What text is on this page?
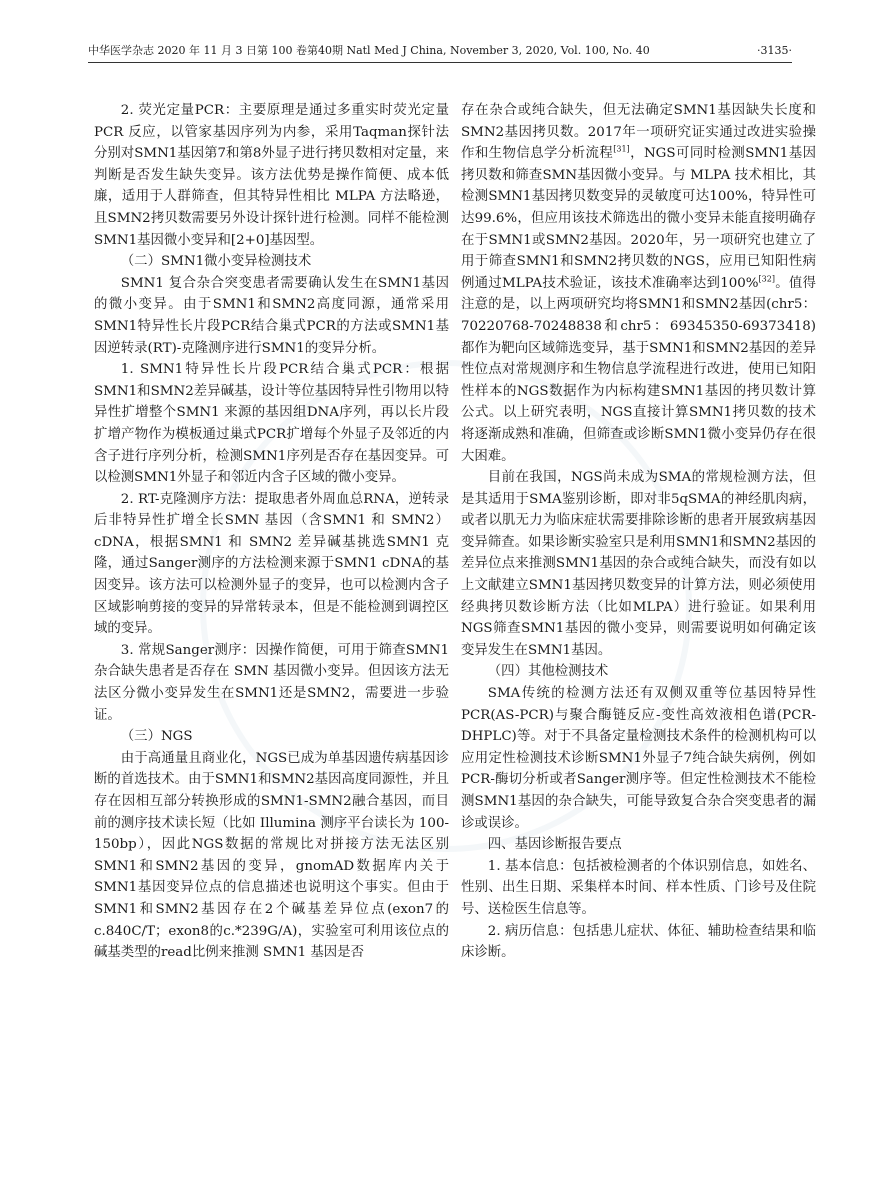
中华医学杂志 2020 年 11 月 3 日第 100 卷第40期 Natl Med J China, November 3, 2020, Vol. 100, No. 40	·3135·

2. 荧光定量PCR：主要原理是通过多重实时荧光定量 PCR 反应，以管家基因序列为内参，采用Taqman探针法分别对SMN1基因第7和第8外显子进行拷贝数相对定量，来判断是否发生缺失变异。该方法优势是操作简便、成本低廉，适用于人群筛查，但其特异性相比 MLPA 方法略逊，且SMN2拷贝数需要另外设计探针进行检测。同样不能检测SMN1基因微小变异和[2+0]基因型。

（二）SMN1微小变异检测技术

SMN1 复合杂合突变患者需要确认发生在SMN1基因的微小变异。由于SMN1和SMN2高度同源，通常采用SMN1特异性长片段PCR结合巢式PCR的方法或SMN1基因逆转录(RT)-克隆测序进行SMN1的变异分析。

1. SMN1特异性长片段PCR结合巢式PCR：根据SMN1和SMN2差异碱基，设计等位基因特异性引物用以特异性扩增整个SMN1 来源的基因组DNA序列，再以长片段扩增产物作为模板通过巢式PCR扩增每个外显子及邻近的内含子进行序列分析，检测SMN1序列是否存在基因变异。可以检测SMN1外显子和邻近内含子区域的微小变异。

2. RT-克隆测序方法：提取患者外周血总RNA，逆转录后非特异性扩增全长SMN 基因（含SMN1 和 SMN2）cDNA，根据SMN1 和 SMN2 差异碱基挑选SMN1 克隆，通过Sanger测序的方法检测来源于SMN1 cDNA的基因变异。该方法可以检测外显子的变异，也可以检测内含子区域影响剪接的变异的异常转录本，但是不能检测到调控区域的变异。

3. 常规Sanger测序：因操作简便，可用于筛查SMN1 杂合缺失患者是否存在 SMN 基因微小变异。但因该方法无法区分微小变异发生在SMN1还是SMN2，需要进一步验证。

（三）NGS

由于高通量且商业化，NGS已成为单基因遗传病基因诊断的首选技术。由于SMN1和SMN2基因高度同源性，并且存在因相互部分转换形成的SMN1-SMN2融合基因，而目前的测序技术读长短（比如 Illumina 测序平台读长为 100-150bp），因此NGS数据的常规比对拼接方法无法区别SMN1和SMN2基因的变异，gnomAD数据库内关于SMN1基因变异位点的信息描述也说明这个事实。但由于SMN1和SMN2基因存在2个碱基差异位点(exon7的c.840C/T；exon8的c.*239G/A)，实验室可利用该位点的碱基类型的read比例来推测 SMN1 基因是否

存在杂合或纯合缺失，但无法确定SMN1基因缺失长度和SMN2基因拷贝数。2017年一项研究证实通过改进实验操作和生物信息学分析流程[31]，NGS可同时检测SMN1基因拷贝数和筛查SMN基因微小变异。与 MLPA 技术相比，其检测SMN1基因拷贝数变异的灵敏度可达100%，特异性可达99.6%，但应用该技术筛选出的微小变异未能直接明确存在于SMN1或SMN2基因。2020年，另一项研究也建立了用于筛查SMN1和SMN2拷贝数的NGS，应用已知阳性病例通过MLPA技术验证，该技术准确率达到100%[32]。值得注意的是，以上两项研究均将SMN1和SMN2基因(chr5：70220768-70248838和chr5：69345350-69373418)都作为靶向区域筛选变异，基于SMN1和SMN2基因的差异性位点对常规测序和生物信息学流程进行改进，使用已知阳性样本的NGS数据作为内标构建SMN1基因的拷贝数计算公式。以上研究表明，NGS直接计算SMN1拷贝数的技术将逐渐成熟和准确，但筛查或诊断SMN1微小变异仍存在很大困难。

目前在我国，NGS尚未成为SMA的常规检测方法，但是其适用于SMA鉴别诊断，即对非5qSMA的神经肌肉病，或者以肌无力为临床症状需要排除诊断的患者开展致病基因变异筛查。如果诊断实验室只是利用SMN1和SMN2基因的差异位点来推测SMN1基因的杂合或纯合缺失，而没有如以上文献建立SMN1基因拷贝数变异的计算方法，则必须使用经典拷贝数诊断方法（比如MLPA）进行验证。如果利用NGS筛查SMN1基因的微小变异，则需要说明如何确定该变异发生在SMN1基因。

（四）其他检测技术

SMA传统的检测方法还有双侧双重等位基因特异性PCR(AS-PCR)与聚合酶链反应-变性高效液相色谱(PCR-DHPLC)等。对于不具备定量检测技术条件的检测机构可以应用定性检测技术诊断SMN1外显子7纯合缺失病例，例如PCR-酶切分析或者Sanger测序等。但定性检测技术不能检测SMN1基因的杂合缺失，可能导致复合杂合突变患者的漏诊或误诊。

四、基因诊断报告要点

1. 基本信息：包括被检测者的个体识别信息，如姓名、性别、出生日期、采集样本时间、样本性质、门诊号及住院号、送检医生信息等。

2. 病历信息：包括患儿症状、体征、辅助检查结果和临床诊断。
